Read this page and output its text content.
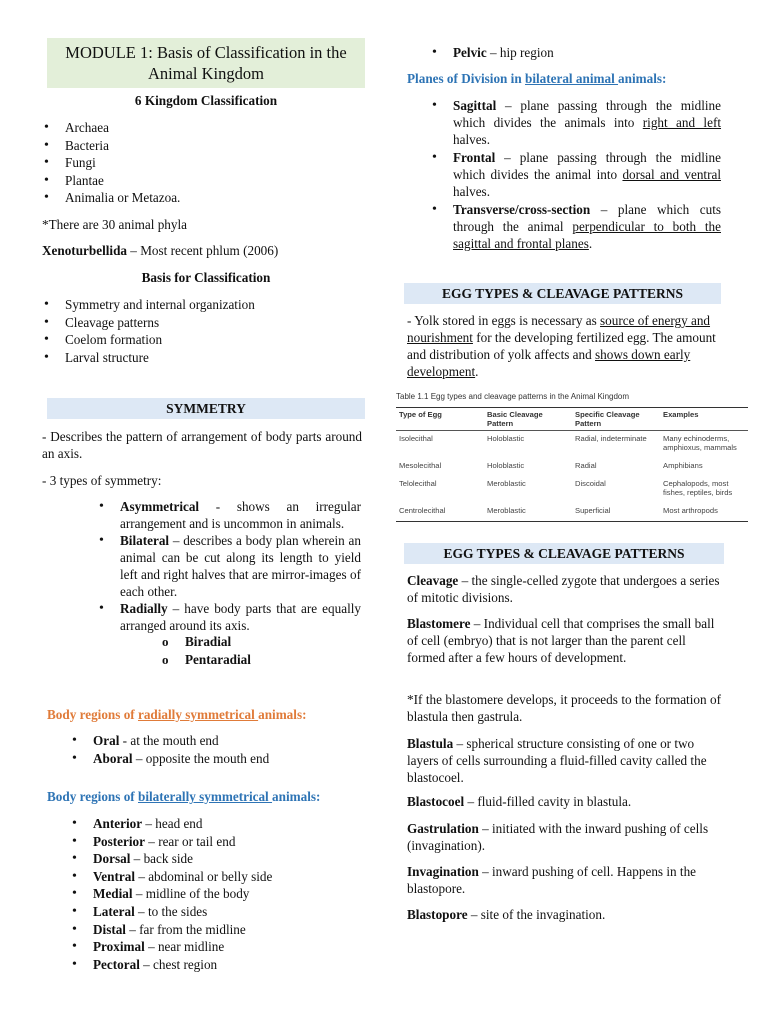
MODULE 1: Basis of Classification in the
Animal Kingdom
6 Kingdom Classification
• Archaea
• Bacteria
• Fungi
• Plantae
• Animalia or Metazoa.
*There are 30 animal phyla
Xenoturbellida – Most recent phlum (2006)
Basis for Classification
• Symmetry and internal organization
• Cleavage patterns
• Coelom formation
• Larval structure
SYMMETRY
- Describes the pattern of arrangement of body parts around an axis.
- 3 types of symmetry:
• Asymmetrical - shows an irregular arrangement and is uncommon in animals.
• Bilateral – describes a body plan wherein an animal can be cut along its length to yield left and right halves that are mirror-images of each other.
• Radially – have body parts that are equally arranged around its axis.
o Biradial
o Pentaradial
Body regions of radially symmetrical animals:
• Oral - at the mouth end
• Aboral – opposite the mouth end
Body regions of bilaterally symmetrical animals:
• Anterior – head end
• Posterior – rear or tail end
• Dorsal – back side
• Ventral – abdominal or belly side
• Medial – midline of the body
• Lateral – to the sides
• Distal – far from the midline
• Proximal – near midline
• Pectoral – chest region
• Pelvic – hip region
Planes of Division in bilateral animal animals:
• Sagittal – plane passing through the midline which divides the animals into right and left halves.
• Frontal – plane passing through the midline which divides the animal into dorsal and ventral halves.
• Transverse/cross-section – plane which cuts through the animal perpendicular to both the sagittal and frontal planes.
EGG TYPES & CLEAVAGE PATTERNS
- Yolk stored in eggs is necessary as source of energy and nourishment for the developing fertilized egg. The amount and distribution of yolk affects and shows down early development.
Table 1.1 Egg types and cleavage patterns in the Animal Kingdom
Type of Egg	Basic Cleavage Pattern	Specific Cleavage Pattern	Examples
Isolecithal	Holoblastic	Radial, indeterminate	Many echinoderms, amphioxus, mammals
Mesolecithal	Holoblastic	Radial	Amphibians
Telolecithal	Meroblastic	Discoidal	Cephalopods, most fishes, reptiles, birds
Centrolecithal	Meroblastic	Superficial	Most arthropods
EGG TYPES & CLEAVAGE PATTERNS
Cleavage – the single-celled zygote that undergoes a series of mitotic divisions.
Blastomere – Individual cell that comprises the small ball of cell (embryo) that is not larger than the parent cell formed after a few hours of development.
*If the blastomere develops, it proceeds to the formation of blastula then gastrula.
Blastula – spherical structure consisting of one or two layers of cells surrounding a fluid-filled cavity called the blastocoel.
Blastocoel – fluid-filled cavity in blastula.
Gastrulation – initiated with the inward pushing of cells (invagination).
Invagination – inward pushing of cell. Happens in the blastopore.
Blastopore – site of the invagination.
